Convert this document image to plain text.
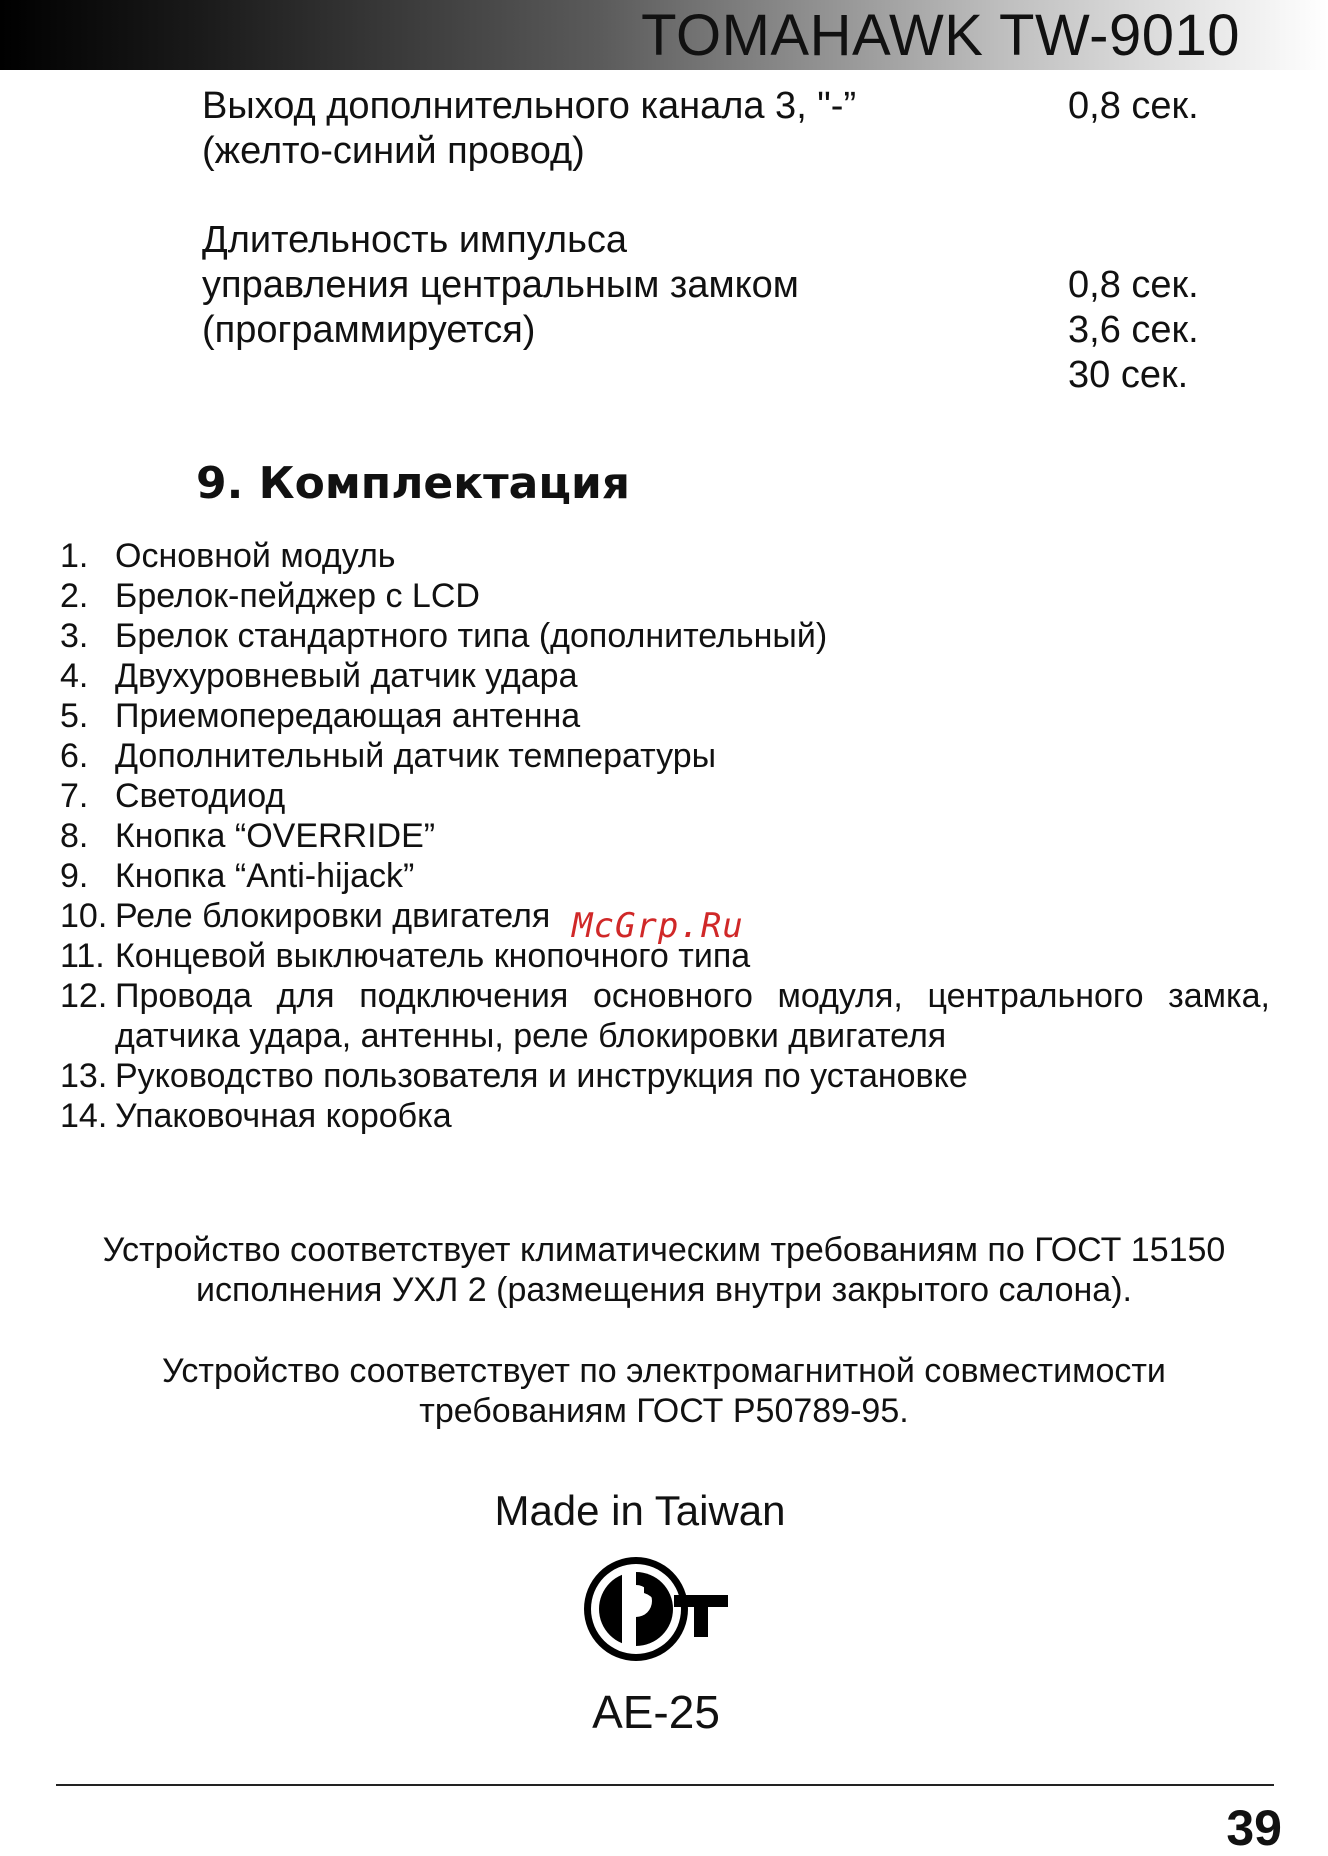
TOMAHAWK TW-9010
Выход дополнительного канала 3, "-”
(желто-синий провод)
0,8 сек.
Длительность импульса
управления центральным замком
(программируется)
0,8 сек.
3,6 сек.
30 сек.
9. Комплектация
1. Основной модуль
2. Брелок-пейджер с LCD
3. Брелок стандартного типа (дополнительный)
4. Двухуровневый датчик удара
5. Приемопередающая антенна
6. Дополнительный датчик температуры
7. Светодиод
8. Кнопка “OVERRIDE”
9. Кнопка “Anti-hijack”
10. Реле блокировки двигателя
11. Концевой выключатель кнопочного типа
12. Провода для подключения основного модуля, центрального замка, датчика удара, антенны, реле блокировки двигателя
13. Руководство пользователя и инструкция по установке
14. Упаковочная коробка
McGrp.Ru
Устройство соответствует климатическим требованиям по ГОСТ 15150
исполнения УХЛ 2 (размещения внутри закрытого салона).
Устройство соответствует по электромагнитной совместимости
требованиям ГОСТ Р50789-95.
Made in Taiwan
АЕ-25
39
